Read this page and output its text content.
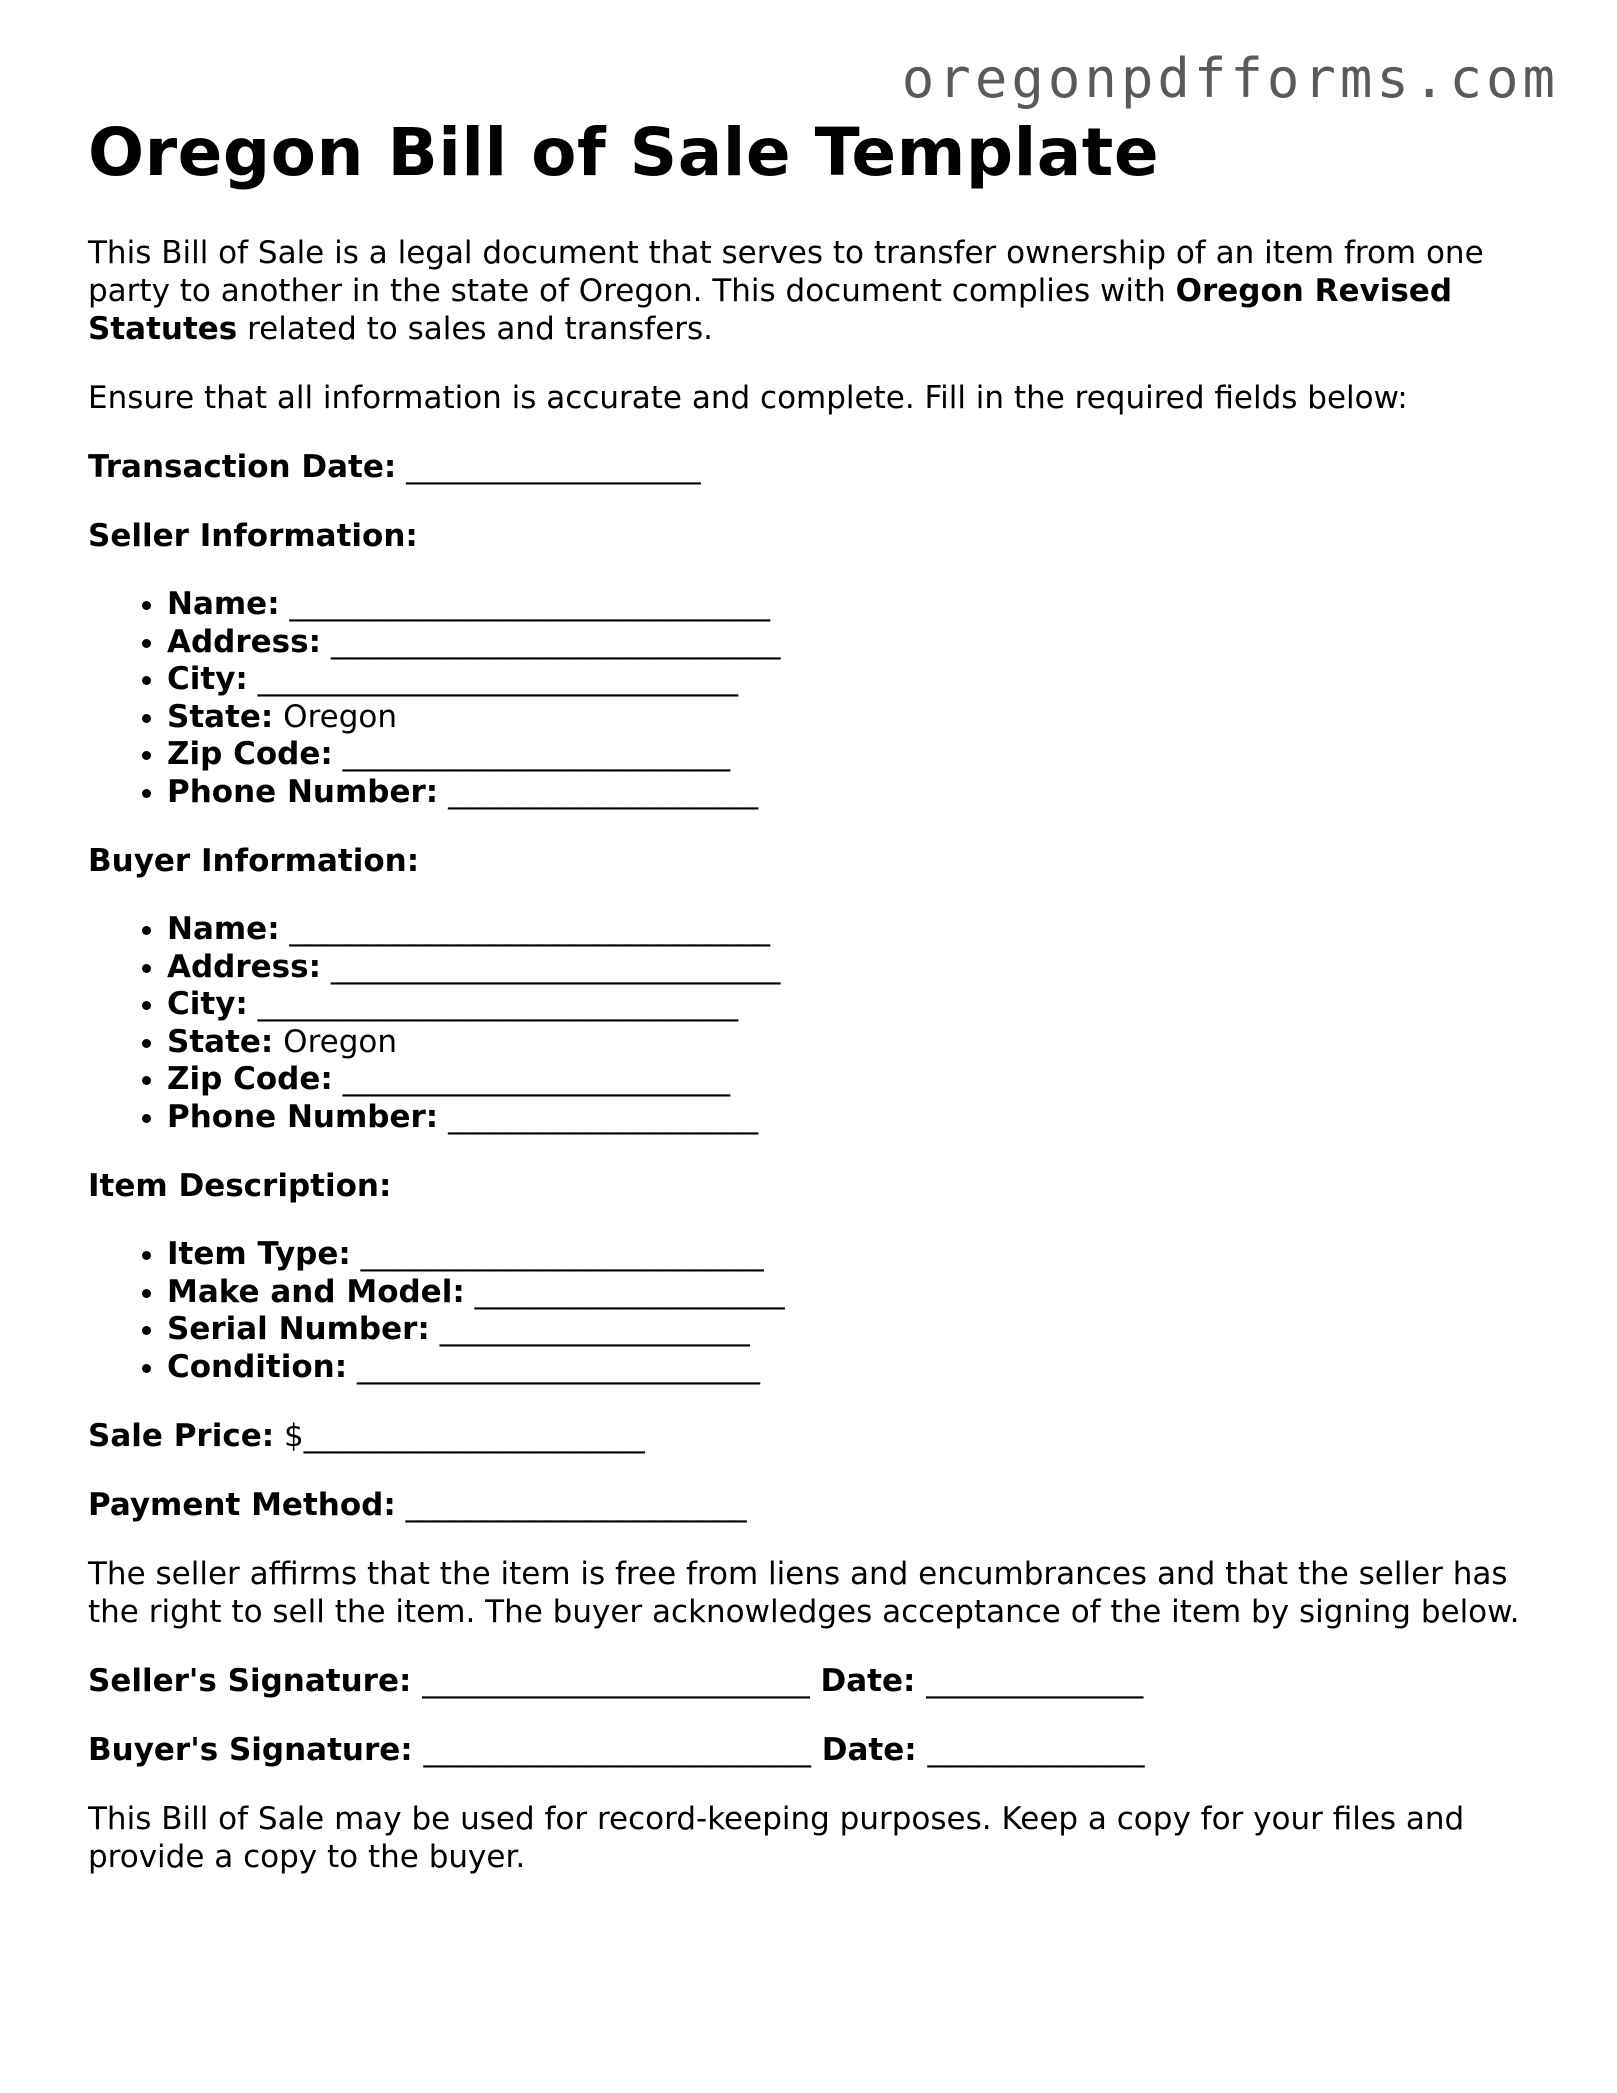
oregonpdfforms.com
Oregon Bill of Sale Template

This Bill of Sale is a legal document that serves to transfer ownership of an item from one party to another in the state of Oregon. This document complies with Oregon Revised Statutes related to sales and transfers.

Ensure that all information is accurate and complete. Fill in the required fields below:

Transaction Date: ___________________

Seller Information:

• Name: _______________________________
• Address: _____________________________
• City: _______________________________
• State: Oregon
• Zip Code: _________________________
• Phone Number: ____________________

Buyer Information:

• Name: _______________________________
• Address: _____________________________
• City: _______________________________
• State: Oregon
• Zip Code: _________________________
• Phone Number: ____________________

Item Description:

• Item Type: __________________________
• Make and Model: ____________________
• Serial Number: ____________________
• Condition: __________________________

Sale Price: $______________________

Payment Method: ______________________

The seller affirms that the item is free from liens and encumbrances and that the seller has the right to sell the item. The buyer acknowledges acceptance of the item by signing below.

Seller's Signature: _________________________ Date: ______________

Buyer's Signature: _________________________ Date: ______________

This Bill of Sale may be used for record-keeping purposes. Keep a copy for your files and provide a copy to the buyer.
